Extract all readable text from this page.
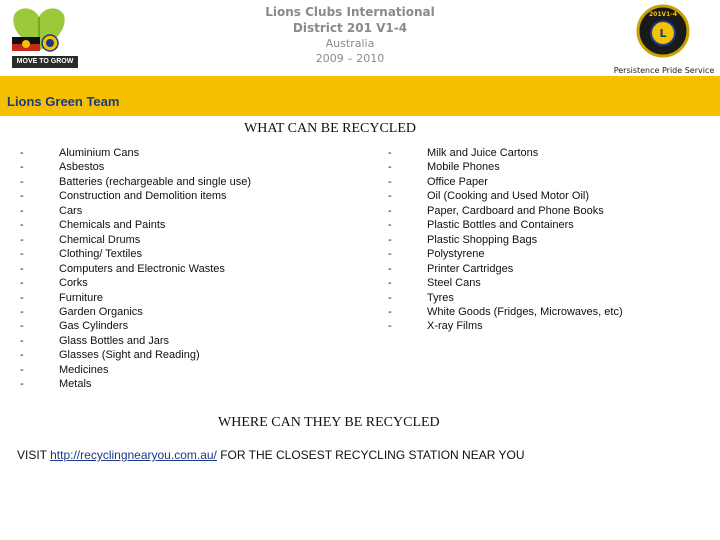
MOVE TO GROW
Lions Clubs International
District 201 V1-4
Australia
2009 – 2010
L
201V1-4
Persistence Pride Service
Lions Green Team
WHAT CAN BE RECYCLED
-	Aluminium Cans
-	Asbestos
-	Batteries (rechargeable and single use)
-	Construction and Demolition items
-	Cars
-	Chemicals and Paints
-	Chemical Drums
-	Clothing/ Textiles
-	Computers and Electronic Wastes
-	Corks
-	Furniture
-	Garden Organics
-	Gas Cylinders
-	Glass Bottles and Jars
-	Glasses (Sight and Reading)
-	Medicines
-	Metals
-	Milk and Juice Cartons
-	Mobile Phones
-	Office Paper
-	Oil (Cooking and Used Motor Oil)
-	Paper, Cardboard and Phone Books
-	Plastic Bottles and Containers
-	Plastic Shopping Bags
-	Polystyrene
-	Printer Cartridges
-	Steel Cans
-	Tyres
-	White Goods (Fridges, Microwaves, etc)
-	X-ray Films
WHERE CAN THEY BE RECYCLED
VISIT http://recyclingnearyou.com.au/ FOR THE CLOSEST RECYCLING STATION NEAR YOU
